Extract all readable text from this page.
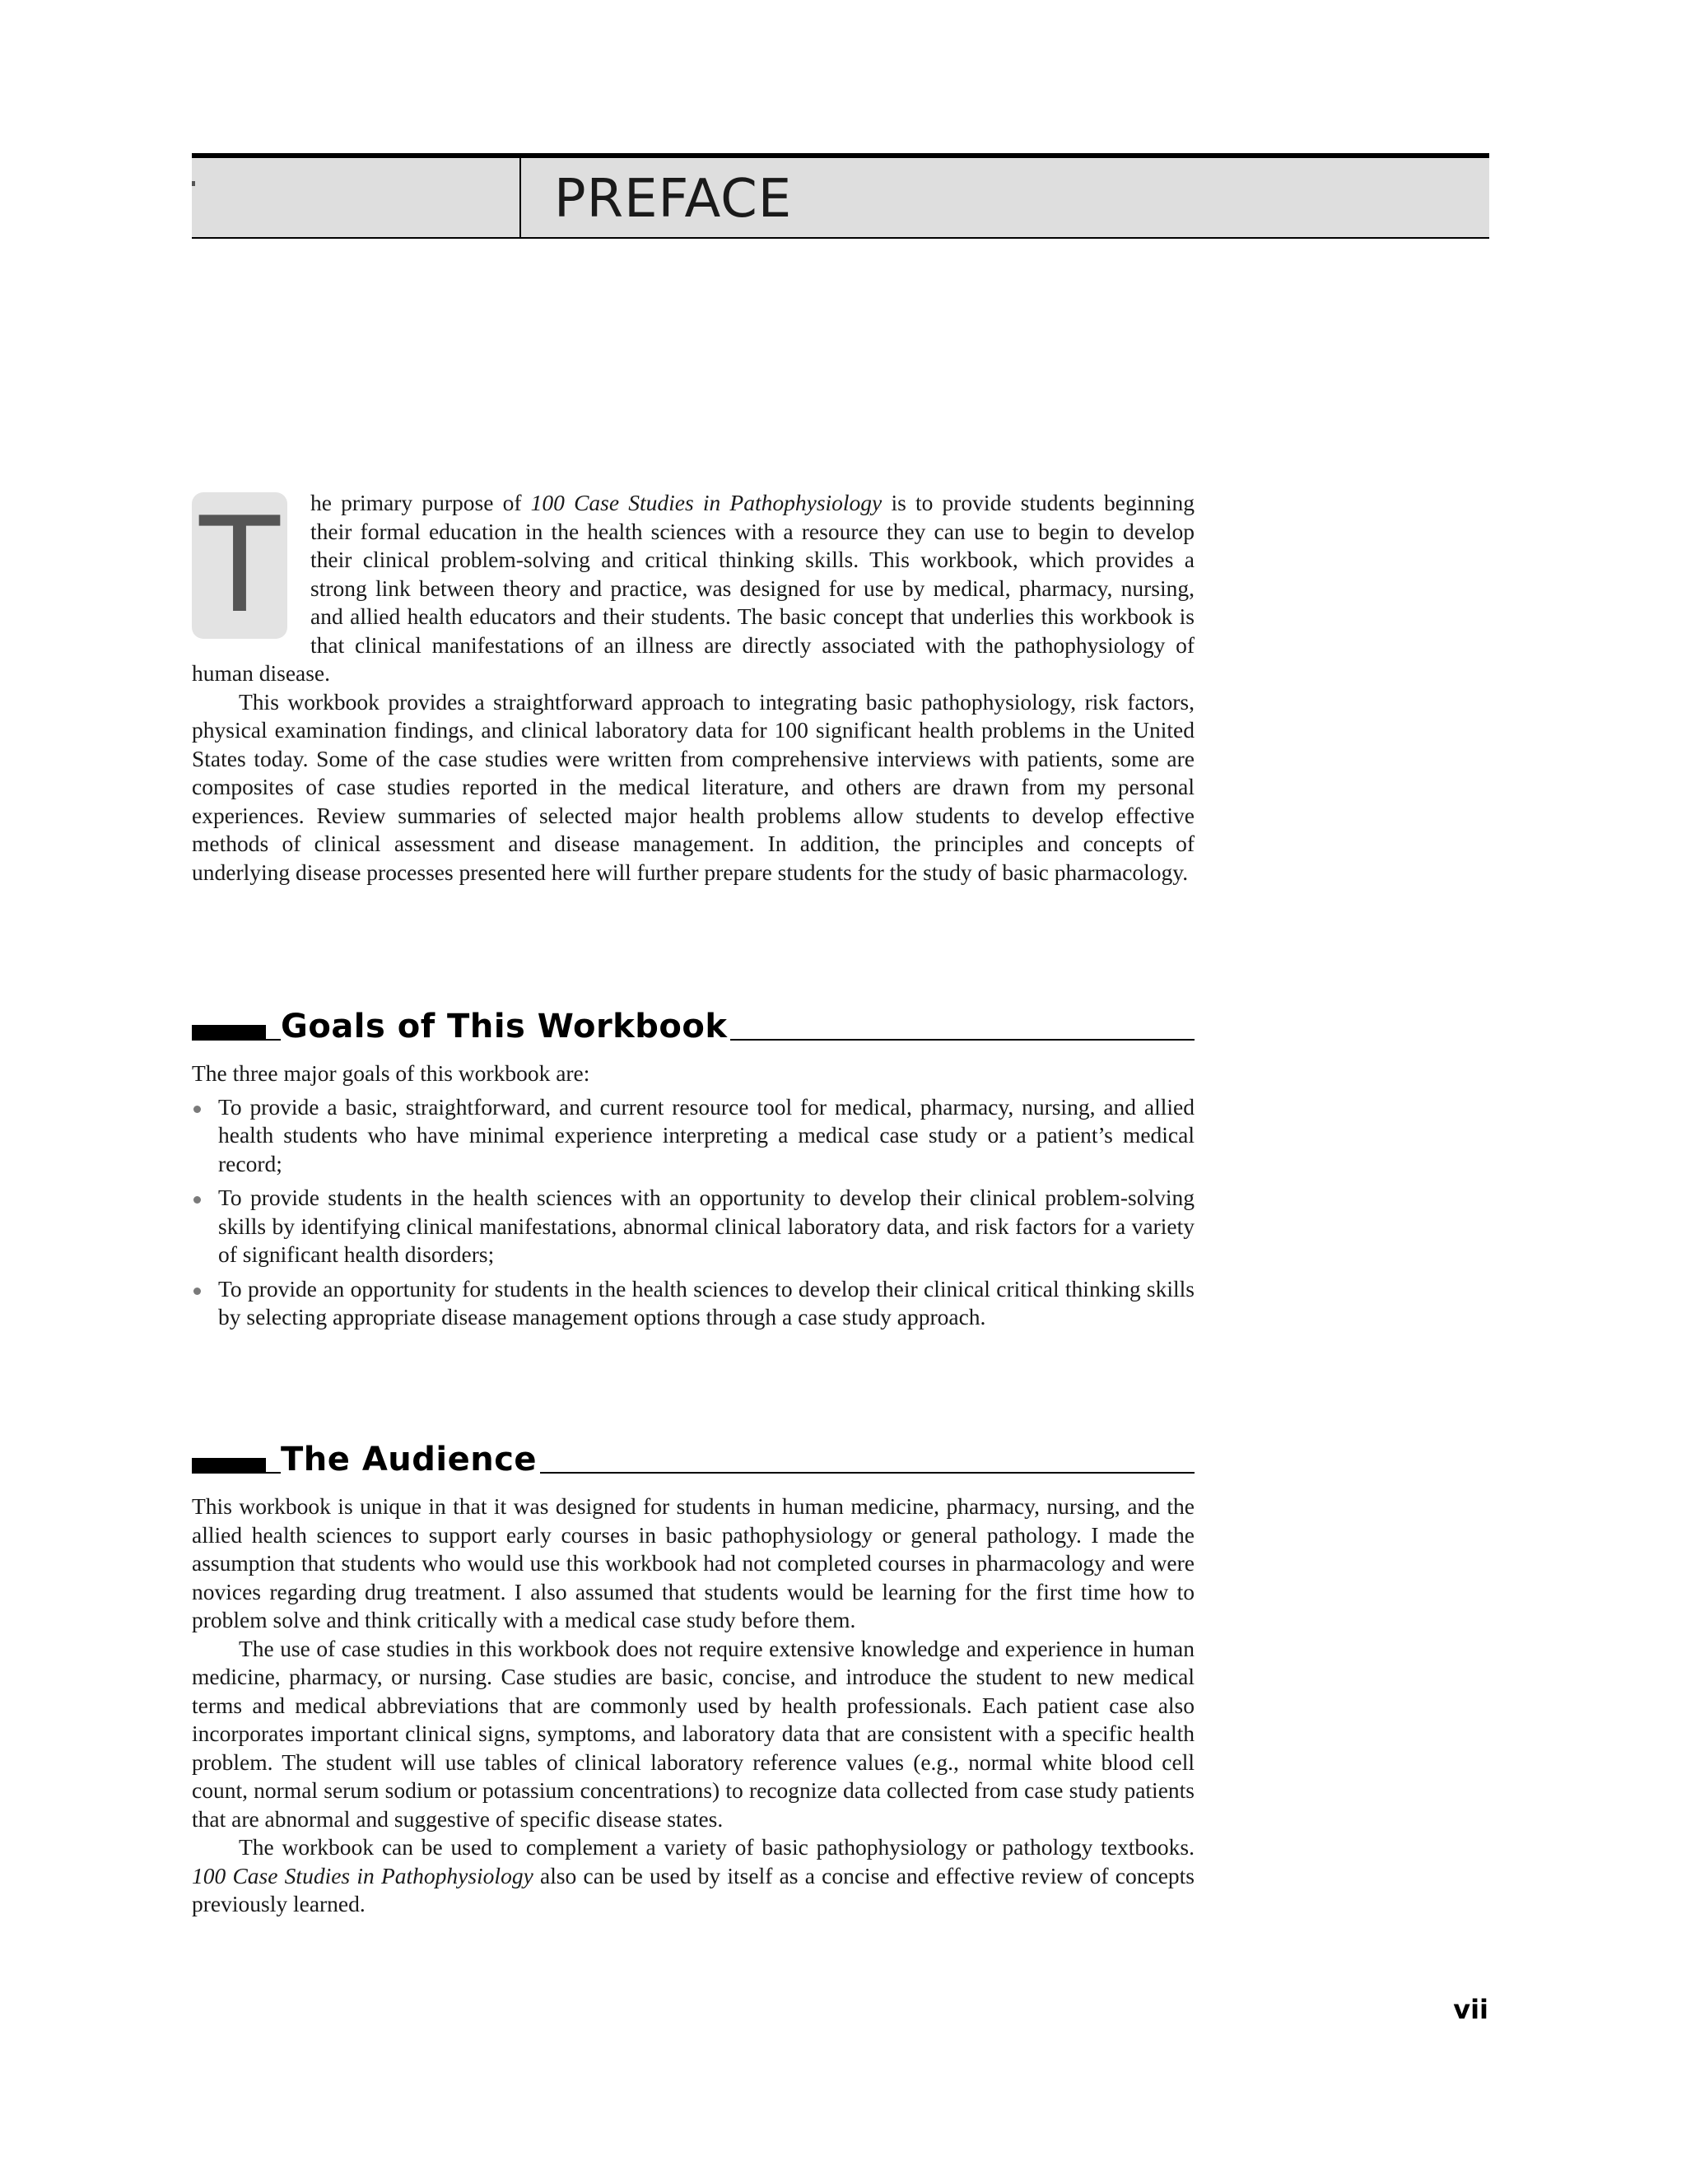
PREFACE
T	he primary purpose of 100 Case Studies in Pathophysiology is to provide students beginning their formal education in the health sciences with a resource they can use to begin to develop their clinical problem-solving and critical thinking skills. This workbook, which provides a strong link between theory and practice, was designed for use by medical, pharmacy, nursing, and allied health educators and their students. The basic concept that underlies this workbook is that clinical manifestations of an illness are directly associated with the pathophysiology of human disease.

This workbook provides a straightforward approach to integrating basic pathophysiology, risk factors, physical examination findings, and clinical laboratory data for 100 significant health problems in the United States today. Some of the case studies were written from comprehensive interviews with patients, some are composites of case studies reported in the medical literature, and others are drawn from my personal experiences. Review summaries of selected major health problems allow students to develop effective methods of clinical assessment and disease management. In addition, the principles and concepts of underlying disease processes presented here will further prepare students for the study of basic pharmacology.

Goals of This Workbook

The three major goals of this workbook are:

To provide a basic, straightforward, and current resource tool for medical, pharmacy, nursing, and allied health students who have minimal experience interpreting a medical case study or a patient’s medical record;
To provide students in the health sciences with an opportunity to develop their clinical problem-solving skills by identifying clinical manifestations, abnormal clinical laboratory data, and risk factors for a variety of significant health disorders;
To provide an opportunity for students in the health sciences to develop their clinical critical thinking skills by selecting appropriate disease management options through a case study approach.
The Audience

This workbook is unique in that it was designed for students in human medicine, pharmacy, nursing, and the allied health sciences to support early courses in basic pathophysiology or general pathology. I made the assumption that students who would use this workbook had not completed courses in pharmacology and were novices regarding drug treatment. I also assumed that students would be learning for the first time how to problem solve and think critically with a medical case study before them.

The use of case studies in this workbook does not require extensive knowledge and experience in human medicine, pharmacy, or nursing. Case studies are basic, concise, and introduce the student to new medical terms and medical abbreviations that are commonly used by health professionals. Each patient case also incorporates important clinical signs, symptoms, and laboratory data that are consistent with a specific health problem. The student will use tables of clinical laboratory reference values (e.g., normal white blood cell count, normal serum sodium or potassium concentrations) to recognize data collected from case study patients that are abnormal and suggestive of specific disease states.

The workbook can be used to complement a variety of basic pathophysiology or pathology textbooks. 100 Case Studies in Pathophysiology also can be used by itself as a concise and effective review of concepts previously learned.

vii
